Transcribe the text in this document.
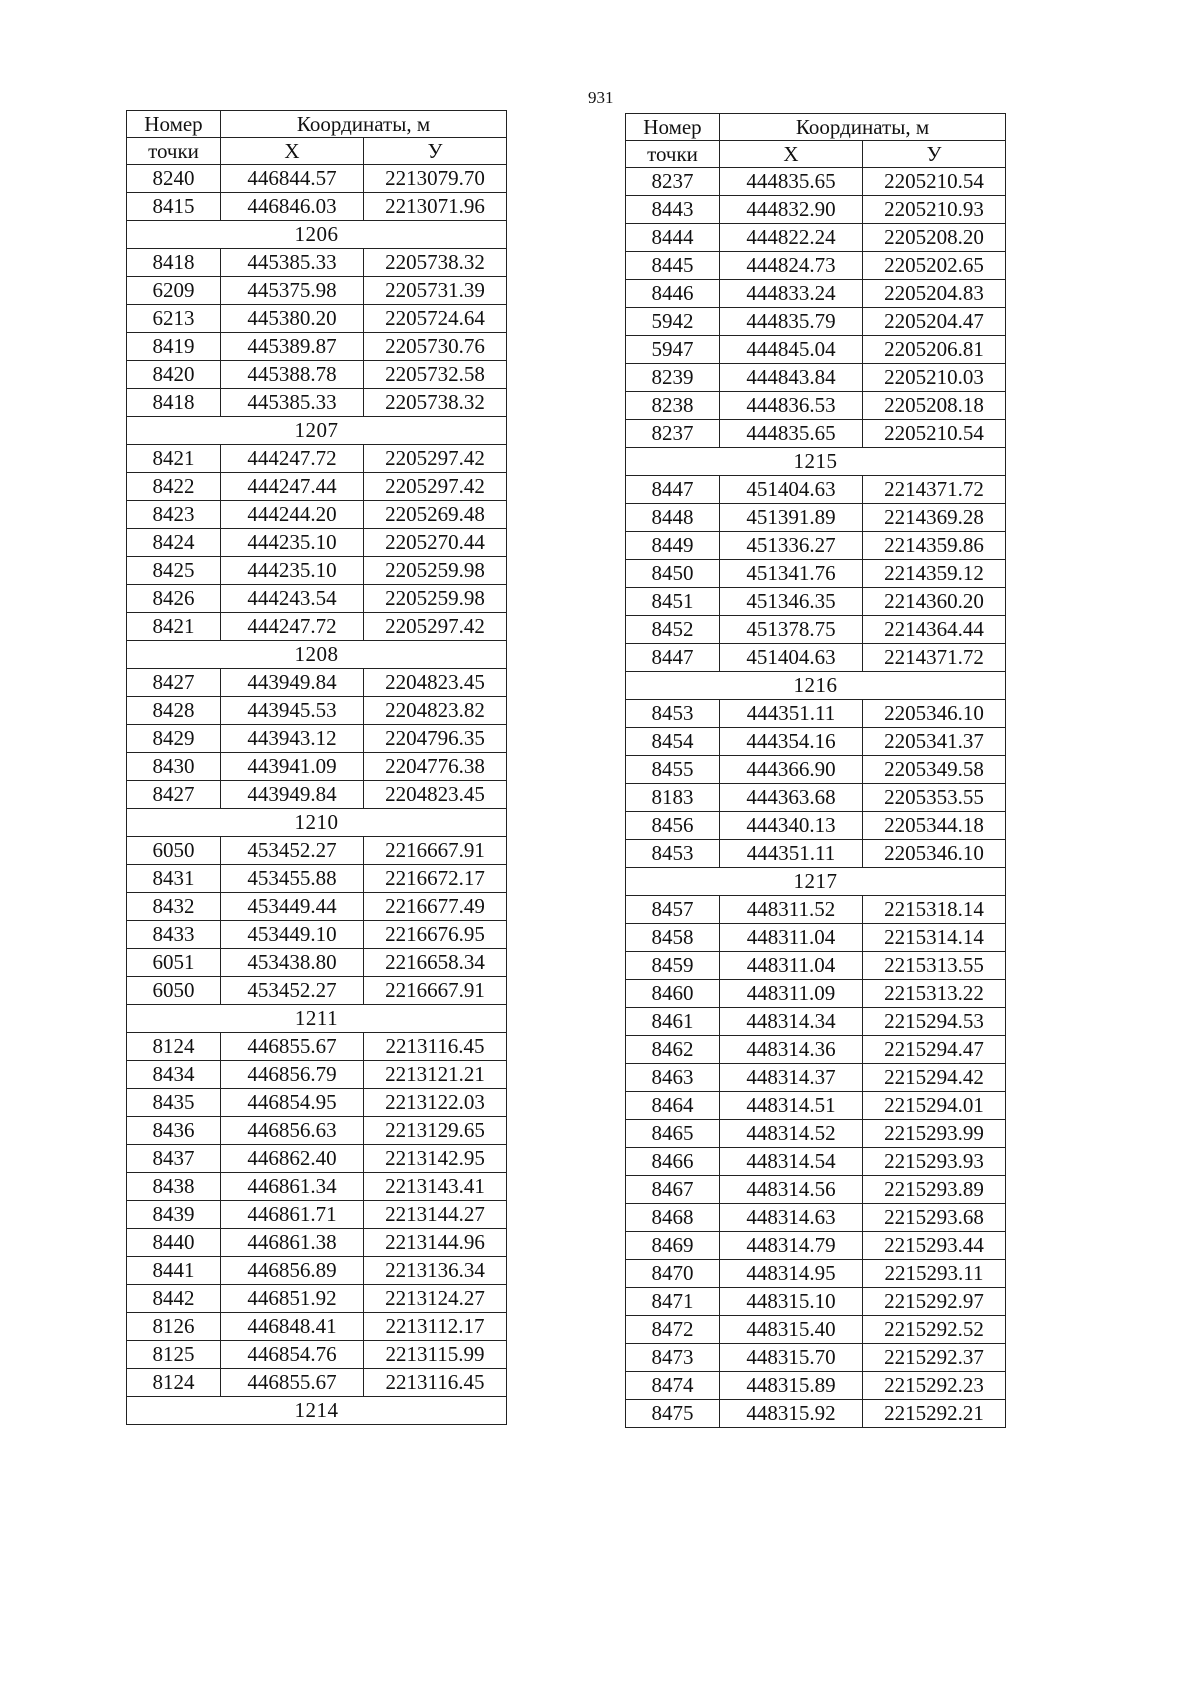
931
Номер	Координаты, м	
точки	X	У
8240	446844.57	2213079.70
8415	446846.03	2213071.96
1206		
8418	445385.33	2205738.32
6209	445375.98	2205731.39
6213	445380.20	2205724.64
8419	445389.87	2205730.76
8420	445388.78	2205732.58
8418	445385.33	2205738.32
1207		
8421	444247.72	2205297.42
8422	444247.44	2205297.42
8423	444244.20	2205269.48
8424	444235.10	2205270.44
8425	444235.10	2205259.98
8426	444243.54	2205259.98
8421	444247.72	2205297.42
1208		
8427	443949.84	2204823.45
8428	443945.53	2204823.82
8429	443943.12	2204796.35
8430	443941.09	2204776.38
8427	443949.84	2204823.45
1210		
6050	453452.27	2216667.91
8431	453455.88	2216672.17
8432	453449.44	2216677.49
8433	453449.10	2216676.95
6051	453438.80	2216658.34
6050	453452.27	2216667.91
1211		
8124	446855.67	2213116.45
8434	446856.79	2213121.21
8435	446854.95	2213122.03
8436	446856.63	2213129.65
8437	446862.40	2213142.95
8438	446861.34	2213143.41
8439	446861.71	2213144.27
8440	446861.38	2213144.96
8441	446856.89	2213136.34
8442	446851.92	2213124.27
8126	446848.41	2213112.17
8125	446854.76	2213115.99
8124	446855.67	2213116.45
1214		
Номер	Координаты, м	
точки	X	У
8237	444835.65	2205210.54
8443	444832.90	2205210.93
8444	444822.24	2205208.20
8445	444824.73	2205202.65
8446	444833.24	2205204.83
5942	444835.79	2205204.47
5947	444845.04	2205206.81
8239	444843.84	2205210.03
8238	444836.53	2205208.18
8237	444835.65	2205210.54
1215		
8447	451404.63	2214371.72
8448	451391.89	2214369.28
8449	451336.27	2214359.86
8450	451341.76	2214359.12
8451	451346.35	2214360.20
8452	451378.75	2214364.44
8447	451404.63	2214371.72
1216		
8453	444351.11	2205346.10
8454	444354.16	2205341.37
8455	444366.90	2205349.58
8183	444363.68	2205353.55
8456	444340.13	2205344.18
8453	444351.11	2205346.10
1217		
8457	448311.52	2215318.14
8458	448311.04	2215314.14
8459	448311.04	2215313.55
8460	448311.09	2215313.22
8461	448314.34	2215294.53
8462	448314.36	2215294.47
8463	448314.37	2215294.42
8464	448314.51	2215294.01
8465	448314.52	2215293.99
8466	448314.54	2215293.93
8467	448314.56	2215293.89
8468	448314.63	2215293.68
8469	448314.79	2215293.44
8470	448314.95	2215293.11
8471	448315.10	2215292.97
8472	448315.40	2215292.52
8473	448315.70	2215292.37
8474	448315.89	2215292.23
8475	448315.92	2215292.21
